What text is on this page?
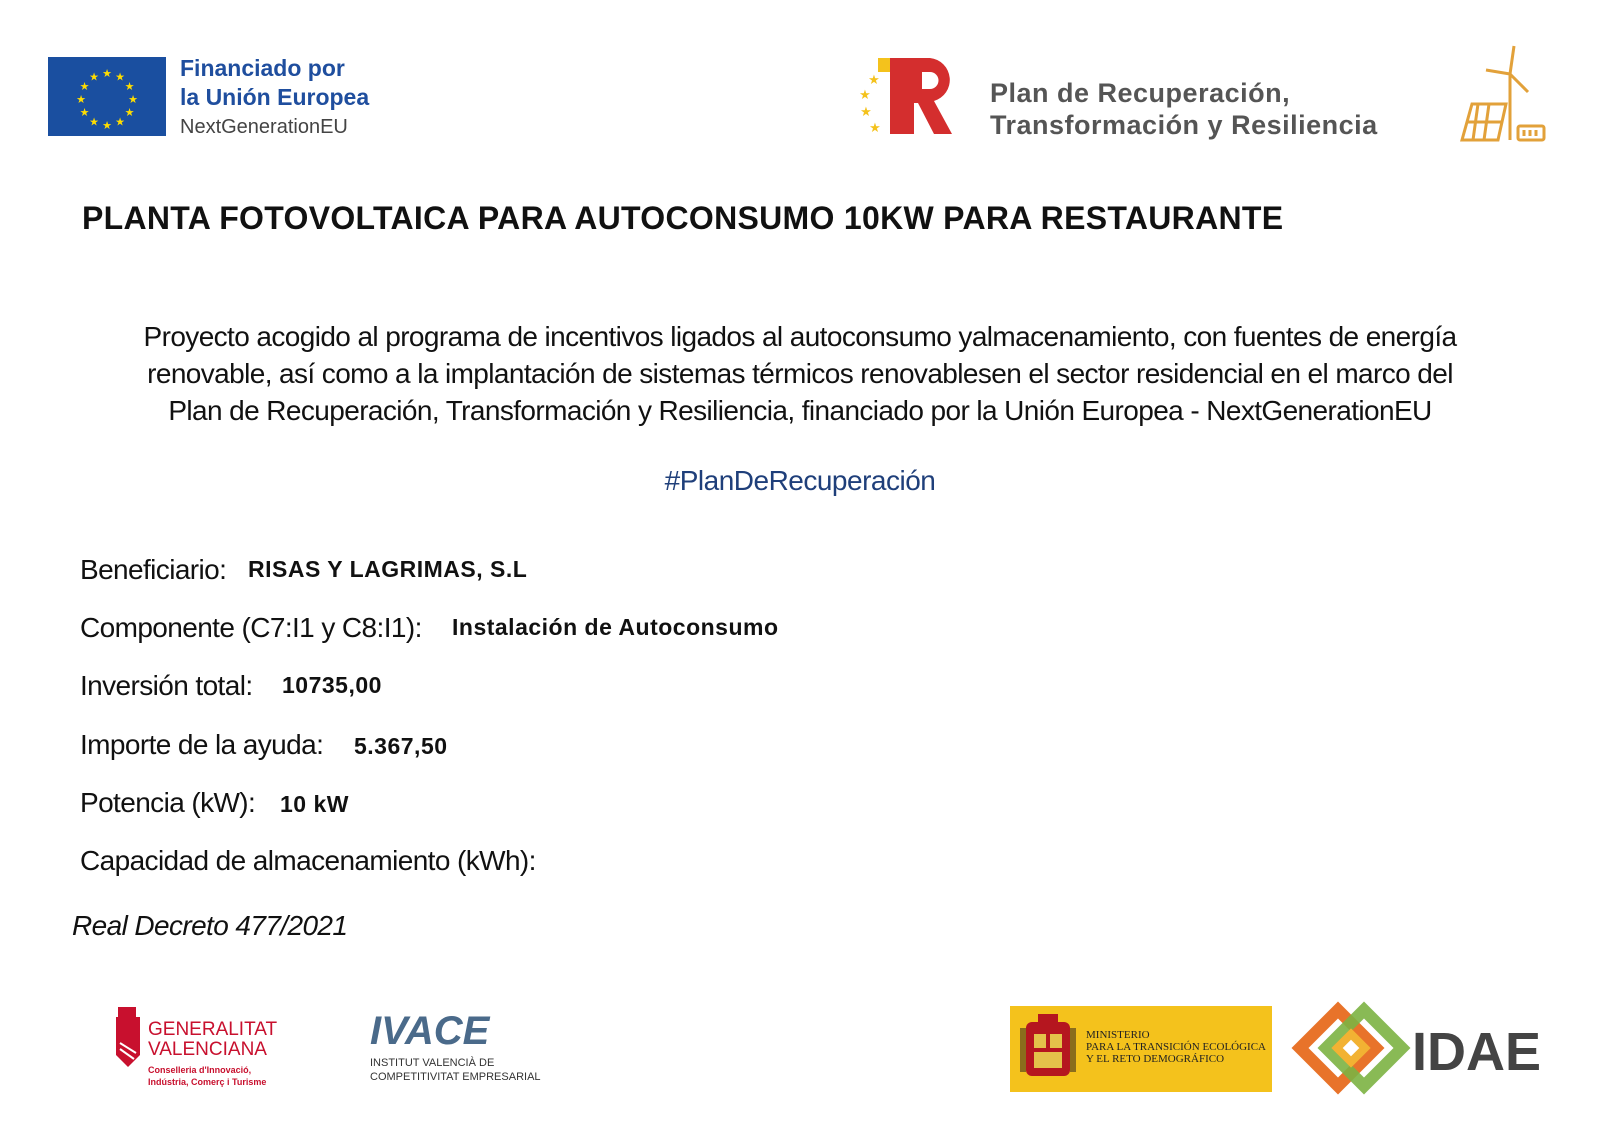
★ ★
★
★
★
★
★
★
★
★
★
★	Financiado por
la Unión Europea
NextGenerationEU
★
★
★
★
Plan de Recuperación,
Transformación y Resiliencia
PLANTA FOTOVOLTAICA PARA AUTOCONSUMO 10KW PARA RESTAURANTE
Proyecto acogido al programa de incentivos ligados al autoconsumo yalmacenamiento, con fuentes de energía
renovable, así como a la implantación de sistemas térmicos renovablesen el sector residencial en el marco del
Plan de Recuperación, Transformación y Resiliencia, financiado por la Unión Europea - NextGenerationEU
#PlanDeRecuperación
Beneficiario: RISAS Y LAGRIMAS, S.L
Componente (C7:I1 y C8:I1): Instalación de Autoconsumo
Inversión total: 10735,00
Importe de la ayuda: 5.367,50
Potencia (kW): 10 kW
Capacidad de almacenamiento (kWh):
Real Decreto 477/2021
GENERALITAT
VALENCIANA
Conselleria d'Innovació,
Indústria, Comerç i Turisme
IVACE
INSTITUT VALENCIÀ DE
COMPETITIVITAT EMPRESARIAL
MINISTERIO
PARA LA TRANSICIÓN ECOLÓGICA
Y EL RETO DEMOGRÁFICO	IDAE
